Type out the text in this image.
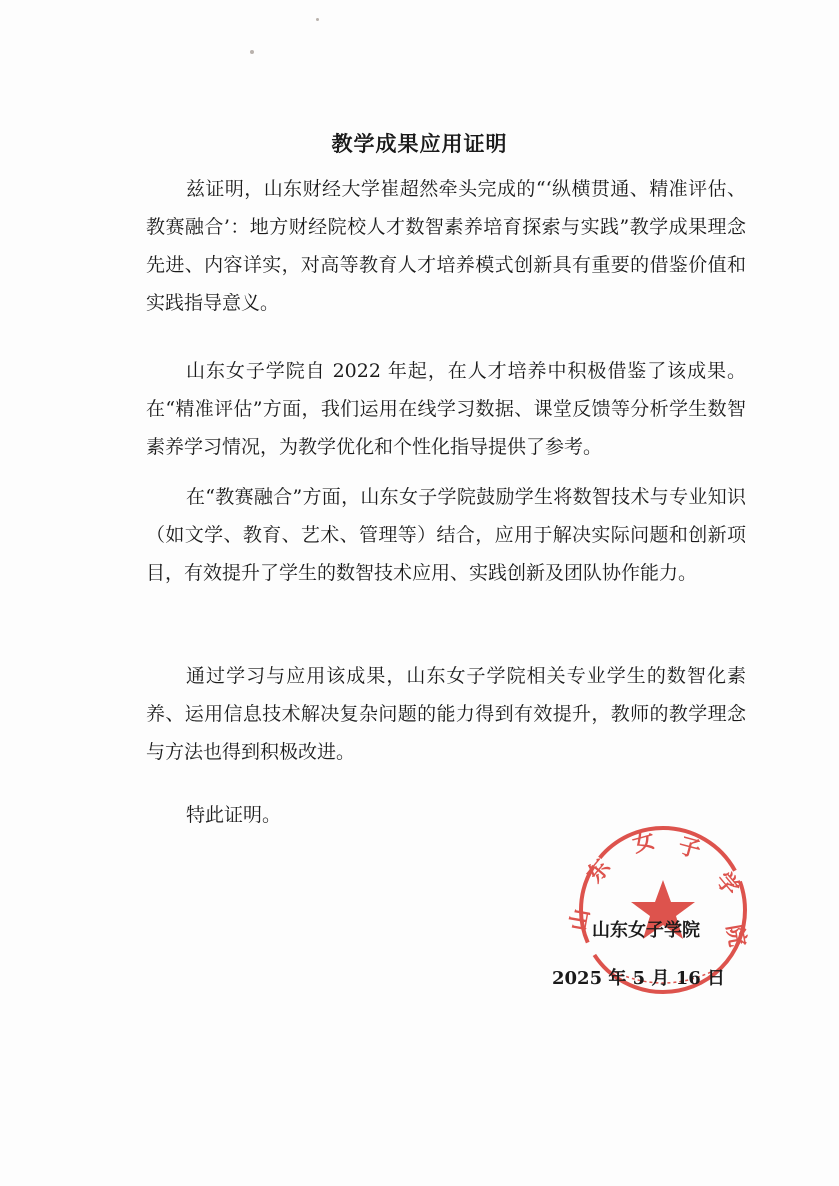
教学成果应用证明

兹证明，山东财经大学崔超然牵头完成的“‘纵横贯通、精准评估、教赛融合’：地方财经院校人才数智素养培育探索与实践”教学成果理念先进、内容详实，对高等教育人才培养模式创新具有重要的借鉴价值和实践指导意义。

山东女子学院自 2022 年起，在人才培养中积极借鉴了该成果。在“精准评估”方面，我们运用在线学习数据、课堂反馈等分析学生数智素养学习情况，为教学优化和个性化指导提供了参考。

在“教赛融合”方面，山东女子学院鼓励学生将数智技术与专业知识（如文学、教育、艺术、管理等）结合，应用于解决实际问题和创新项目，有效提升了学生的数智技术应用、实践创新及团队协作能力。

通过学习与应用该成果，山东女子学院相关专业学生的数智化素养、运用信息技术解决复杂问题的能力得到有效提升，教师的教学理念与方法也得到积极改进。

特此证明。

东
女 子
学
山
院

山东女子学院

2025 年 5 月 16 日
